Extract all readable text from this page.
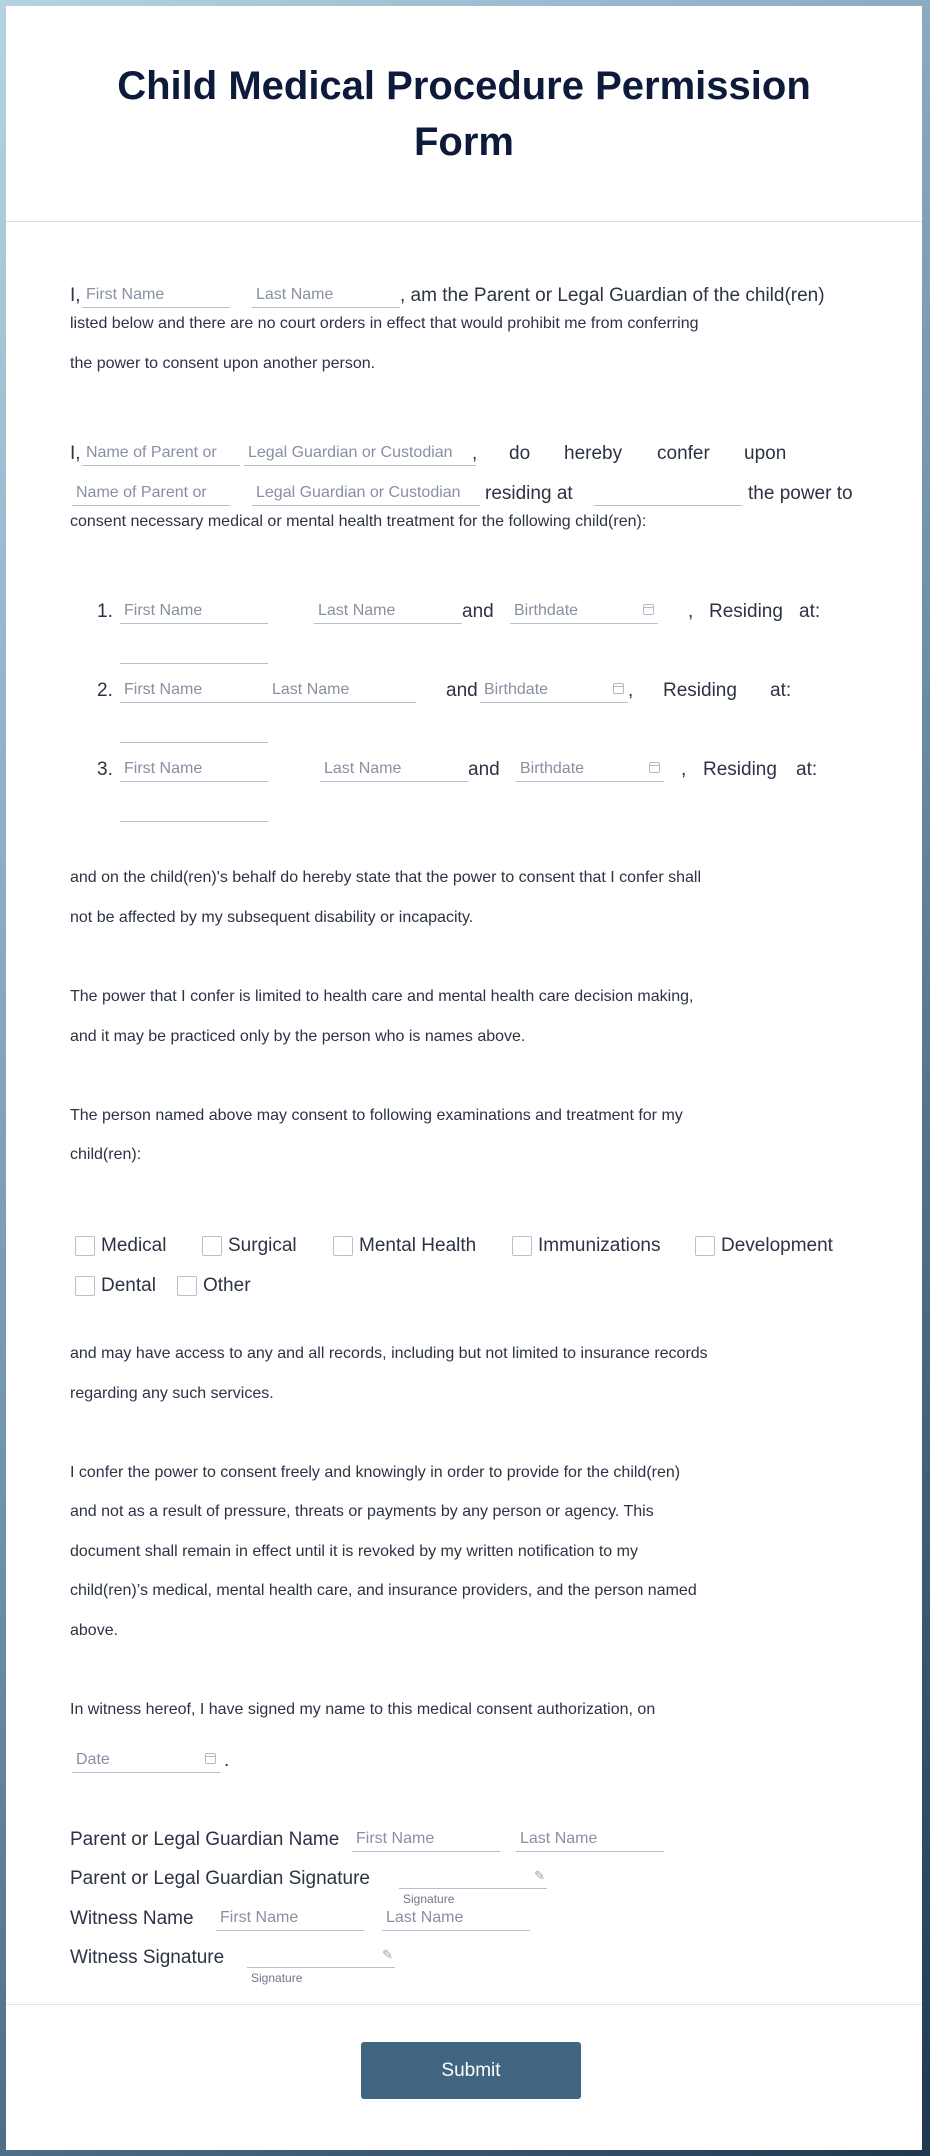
Child Medical Procedure Permission Form
I, First Name	Last Name	, am the Parent or Legal Guardian of the child(ren)
listed below and there are no court orders in effect that would prohibit me from conferring
the power to consent upon another person.
I, Name of Parent or	Legal Guardian or Custodian	, do hereby confer upon
Name of Parent or	Legal Guardian or Custodian	residing at	the power to
consent necessary medical or mental health treatment for the following child(ren):
1. First Name	Last Name	and Birthdate	, Residing at:
2. First Name	Last Name	and Birthdate	, Residing at:
3. First Name	Last Name	and Birthdate	, Residing at:
and on the child(ren)'s behalf do hereby state that the power to consent that I confer shall
not be affected by my subsequent disability or incapacity.
The power that I confer is limited to health care and mental health care decision making,
and it may be practiced only by the person who is names above.
The person named above may consent to following examinations and treatment for my
child(ren):
Medical	Surgical	Mental Health	Immunizations	Development
Dental	Other
and may have access to any and all records, including but not limited to insurance records
regarding any such services.
I confer the power to consent freely and knowingly in order to provide for the child(ren)
and not as a result of pressure, threats or payments by any person or agency. This
document shall remain in effect until it is revoked by my written notification to my
child(ren)’s medical, mental health care, and insurance providers, and the person named
above.
In witness hereof, I have signed my name to this medical consent authorization, on
Date	.
Parent or Legal Guardian Name First Name	Last Name
Parent or Legal Guardian Signature	✎
Signature
Witness Name First Name	Last Name
Witness Signature	✎
Signature
Submit
